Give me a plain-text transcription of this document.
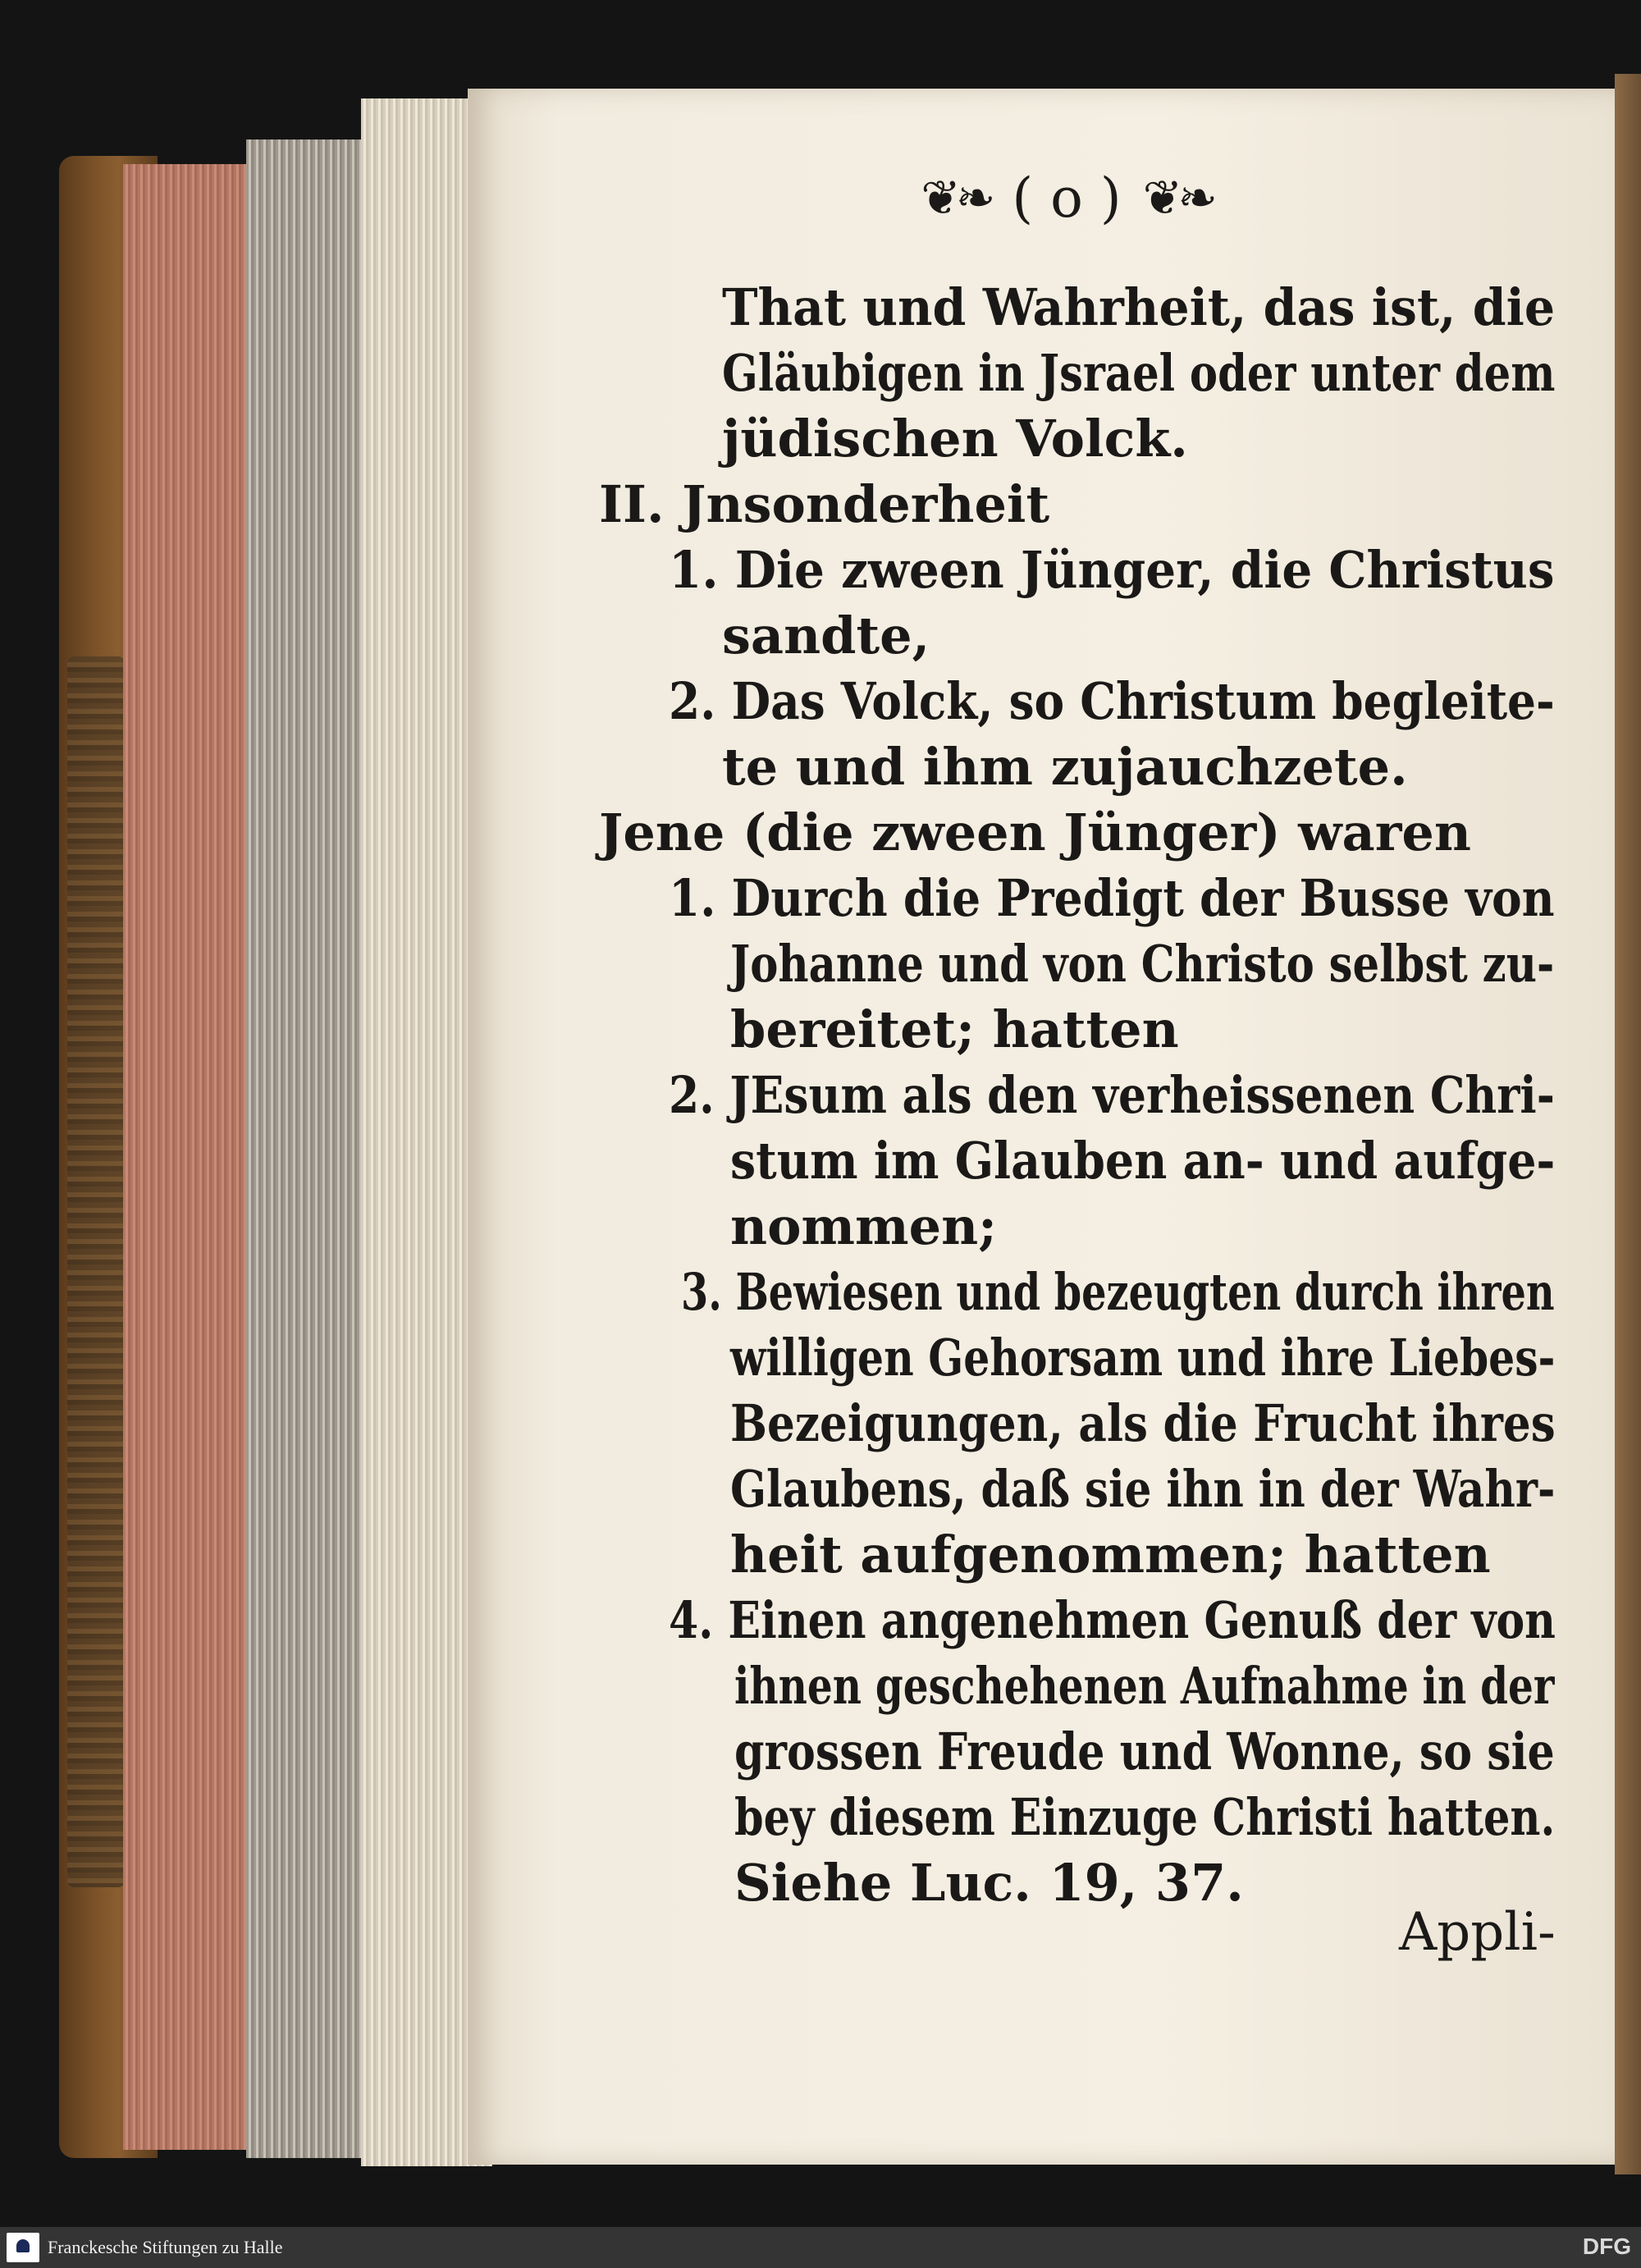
❦❧ ( o ) ❦❧
That und Wahrheit, das ist, die
Gläubigen in Jsrael oder unter dem
jüdischen Volck.
II. Jnsonderheit
1. Die zween Jünger, die Christus
sandte,
2. Das Volck, so Christum begleite-
te und ihm zujauchzete.
Jene (die zween Jünger) waren
1. Durch die Predigt der Busse von
Johanne und von Christo selbst zu-
bereitet; hatten
2. JEsum als den verheissenen Chri-
stum im Glauben an- und aufge-
nommen;
3. Bewiesen und bezeugten durch ihren
willigen Gehorsam und ihre Liebes-
Bezeigungen, als die Frucht ihres
Glaubens, daß sie ihn in der Wahr-
heit aufgenommen; hatten
4. Einen angenehmen Genuß der von
ihnen geschehenen Aufnahme in der
grossen Freude und Wonne, so sie
bey diesem Einzuge Christi hatten.
Siehe Luc. 19, 37.
Appli-
Franckesche Stiftungen zu Halle	DFG
